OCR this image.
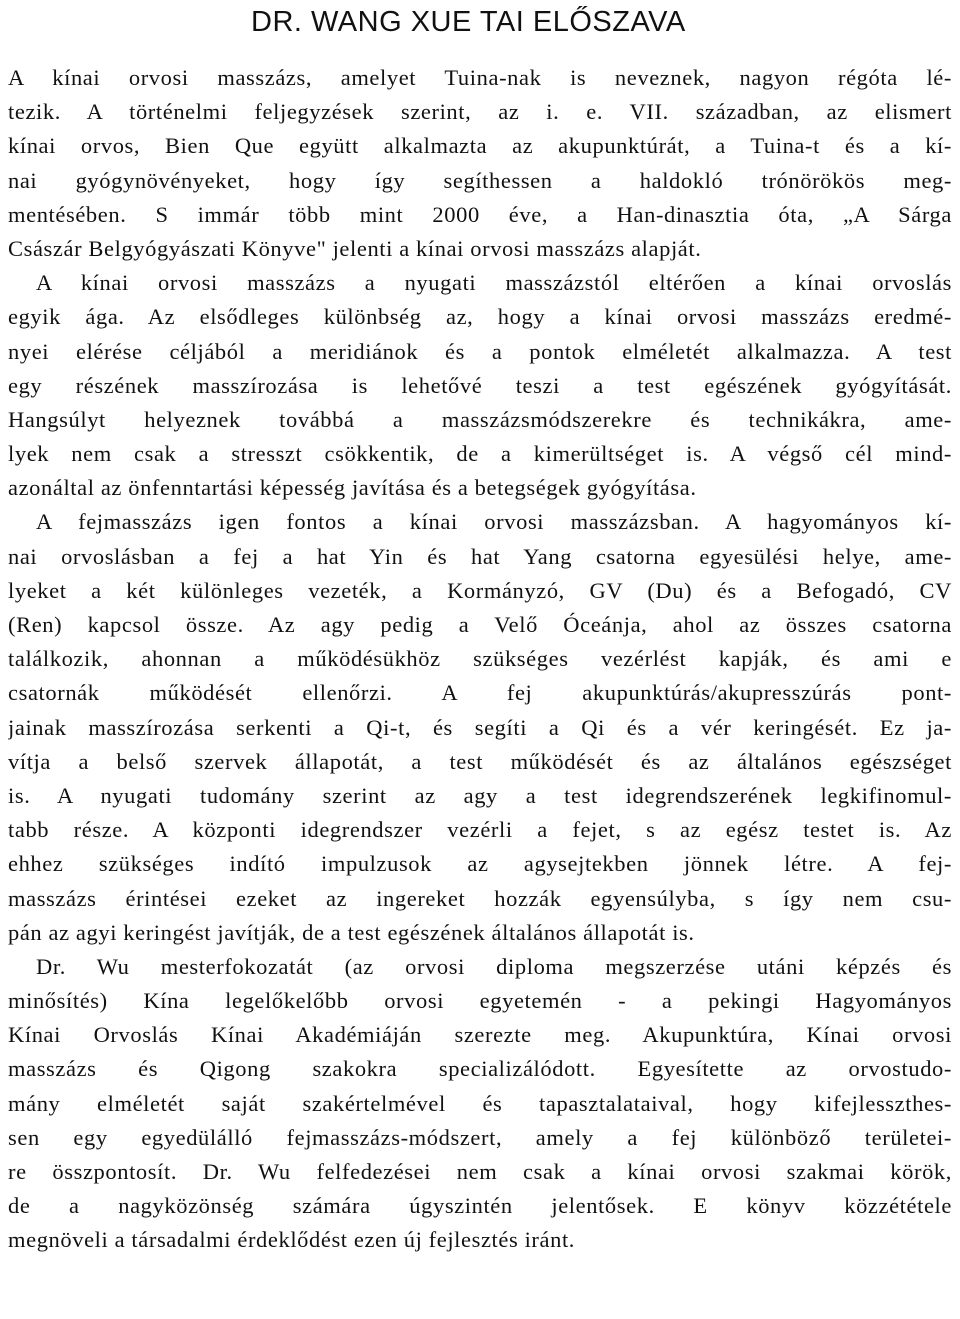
DR. WANG XUE TAI ELŐSZAVA
A kínai orvosi masszázs, amelyet Tuina-nak is neveznek, nagyon régóta lé-
tezik. A történelmi feljegyzések szerint, az i. e. VII. században, az elismert
kínai orvos, Bien Que együtt alkalmazta az akupunktúrát, a Tuina-t és a kí-
nai gyógynövényeket, hogy így segíthessen a haldokló trónörökös meg-
mentésében. S immár több mint 2000 éve, a Han-dinasztia óta, „A Sárga
Császár Belgyógyászati Könyve" jelenti a kínai orvosi masszázs alapját.
A kínai orvosi masszázs a nyugati masszázstól eltérően a kínai orvoslás
egyik ága. Az elsődleges különbség az, hogy a kínai orvosi masszázs eredmé-
nyei elérése céljából a meridiánok és a pontok elméletét alkalmazza. A test
egy részének masszírozása is lehetővé teszi a test egészének gyógyítását.
Hangsúlyt helyeznek továbbá a masszázsmódszerekre és technikákra, ame-
lyek nem csak a stresszt csökkentik, de a kimerültséget is. A végső cél mind-
azonáltal az önfenntartási képesség javítása és a betegségek gyógyítása.
A fejmasszázs igen fontos a kínai orvosi masszázsban. A hagyományos kí-
nai orvoslásban a fej a hat Yin és hat Yang csatorna egyesülési helye, ame-
lyeket a két különleges vezeték, a Kormányzó, GV (Du) és a Befogadó, CV
(Ren) kapcsol össze. Az agy pedig a Velő Óceánja, ahol az összes csatorna
találkozik, ahonnan a működésükhöz szükséges vezérlést kapják, és ami e
csatornák működését ellenőrzi. A fej akupunktúrás/akupresszúrás pont-
jainak masszírozása serkenti a Qi-t, és segíti a Qi és a vér keringését. Ez ja-
vítja a belső szervek állapotát, a test működését és az általános egészséget
is. A nyugati tudomány szerint az agy a test idegrendszerének legkifinomul-
tabb része. A központi idegrendszer vezérli a fejet, s az egész testet is. Az
ehhez szükséges indító impulzusok az agysejtekben jönnek létre. A fej-
masszázs érintései ezeket az ingereket hozzák egyensúlyba, s így nem csu-
pán az agyi keringést javítják, de a test egészének általános állapotát is.
Dr. Wu mesterfokozatát (az orvosi diploma megszerzése utáni képzés és
minősítés) Kína legelőkelőbb orvosi egyetemén - a pekingi Hagyományos
Kínai Orvoslás Kínai Akadémiáján szerezte meg. Akupunktúra, Kínai orvosi
masszázs és Qigong szakokra specializálódott. Egyesítette az orvostudo-
mány elméletét saját szakértelmével és tapasztalataival, hogy kifejlesszthes-
sen egy egyedülálló fejmasszázs-módszert, amely a fej különböző területei-
re összpontosít. Dr. Wu felfedezései nem csak a kínai orvosi szakmai körök,
de a nagyközönség számára úgyszintén jelentősek. E könyv közzététele
megnöveli a társadalmi érdeklődést ezen új fejlesztés iránt.
